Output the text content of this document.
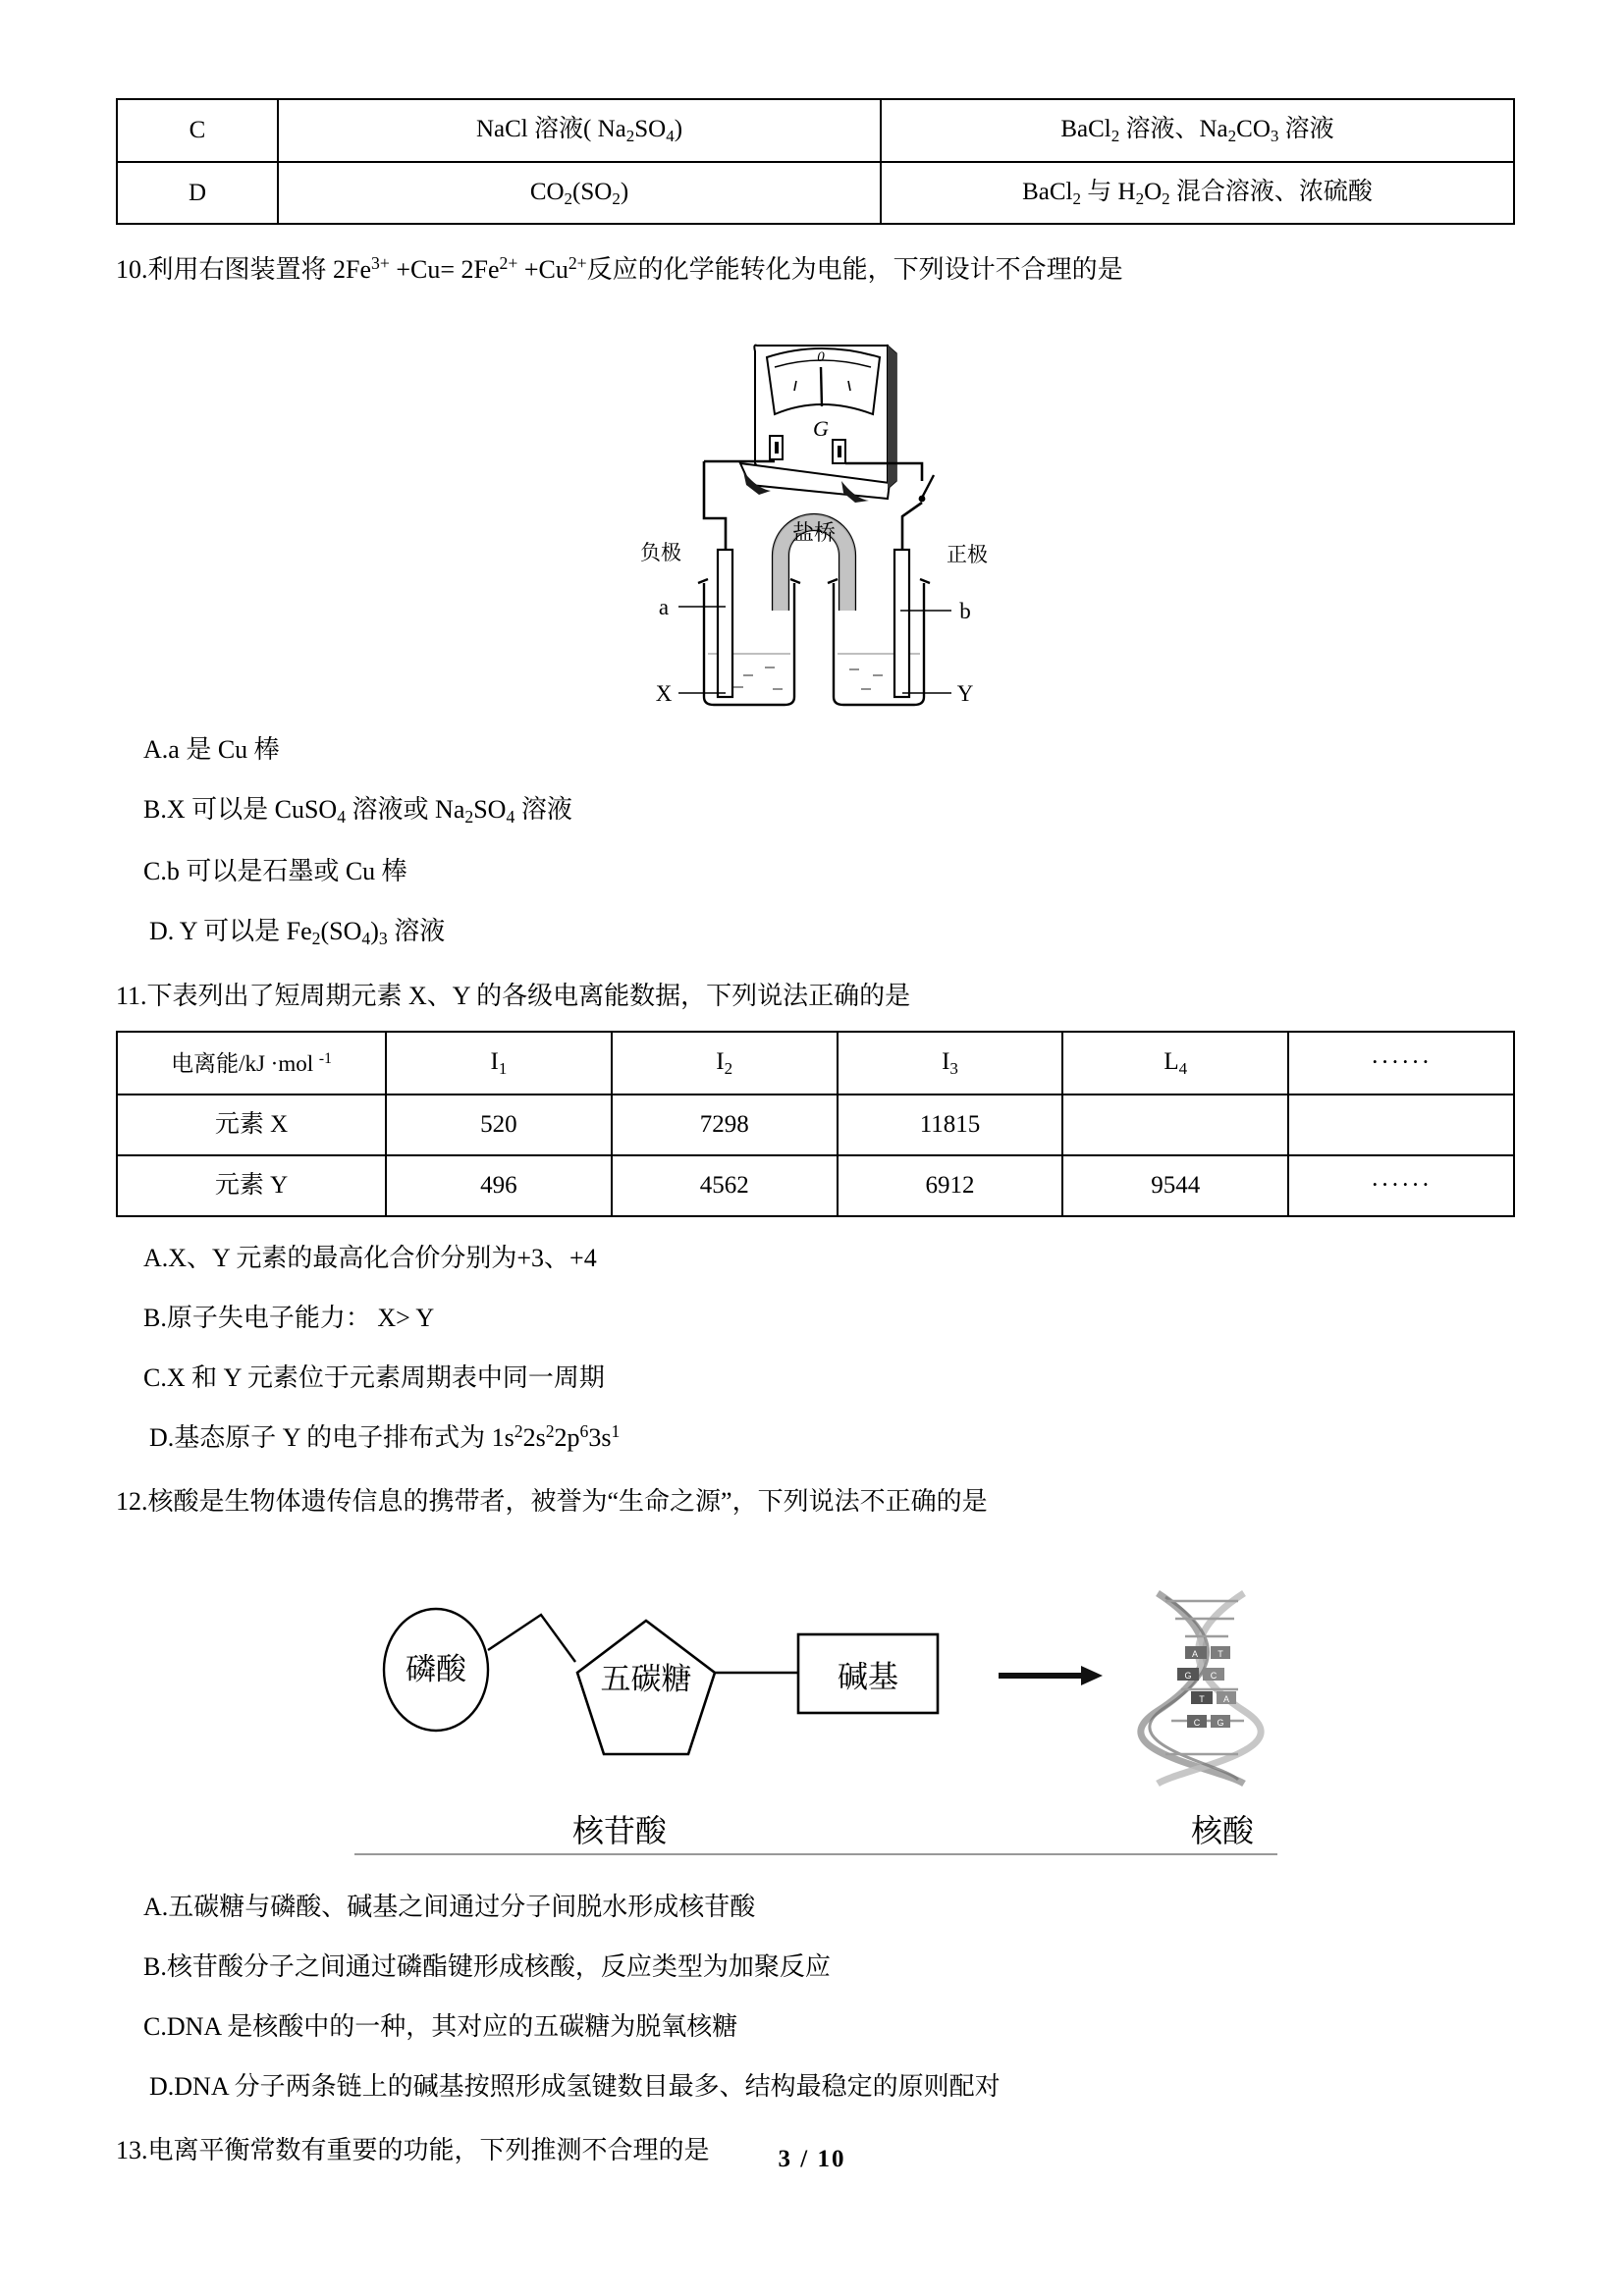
C	NaCl 溶液( $Na_2SO_4$)	BaCl$_2$ 溶液、$Na_2CO_3$ 溶液
D	$CO_2(SO_2)$	BaCl$_2$ 与 $H_2O_2$ 混合溶液、浓硫酸
10.利用右图装置将 $2Fe^{3+} +Cu= 2Fe^{2+} +Cu^{2+}$反应的化学能转化为电能，下列设计不合理的是
0
G
盐桥
负极	正极
a	b
X	Y
A.a 是 Cu 棒
B.X 可以是 CuSO$_4$ 溶液或 $Na_2SO_4$ 溶液
C.b 可以是石墨或 Cu 棒
D. Y 可以是 $Fe_2(SO_4)_3$ 溶液
11.下表列出了短周期元素 X、Y 的各级电离能数据，下列说法正确的是
电离能/kJ ·mol $^{-1}$	$I_1$	$I_2$	$I_3$	$L_4$	······
元素 X	520	7298	11815		
元素 Y	496	4562	6912	9544	······
A.X、Y 元素的最高化合价分别为+3、+4
B.原子失电子能力： X> Y
C.X 和 Y 元素位于元素周期表中同一周期
D.基态原子 Y 的电子排布式为 $1s^22s^22p^63s^1$
12.核酸是生物体遗传信息的携带者，被誉为“生命之源”，下列说法不正确的是
磷酸	五碳糖	碱基
A T
G C
T A
C G
核苷酸	核酸
A.五碳糖与磷酸、碱基之间通过分子间脱水形成核苷酸
B.核苷酸分子之间通过磷酯键形成核酸，反应类型为加聚反应
C.DNA 是核酸中的一种，其对应的五碳糖为脱氧核糖
D.DNA 分子两条链上的碱基按照形成氢键数目最多、结构最稳定的原则配对
13.电离平衡常数有重要的功能，下列推测不合理的是	3 / 10
